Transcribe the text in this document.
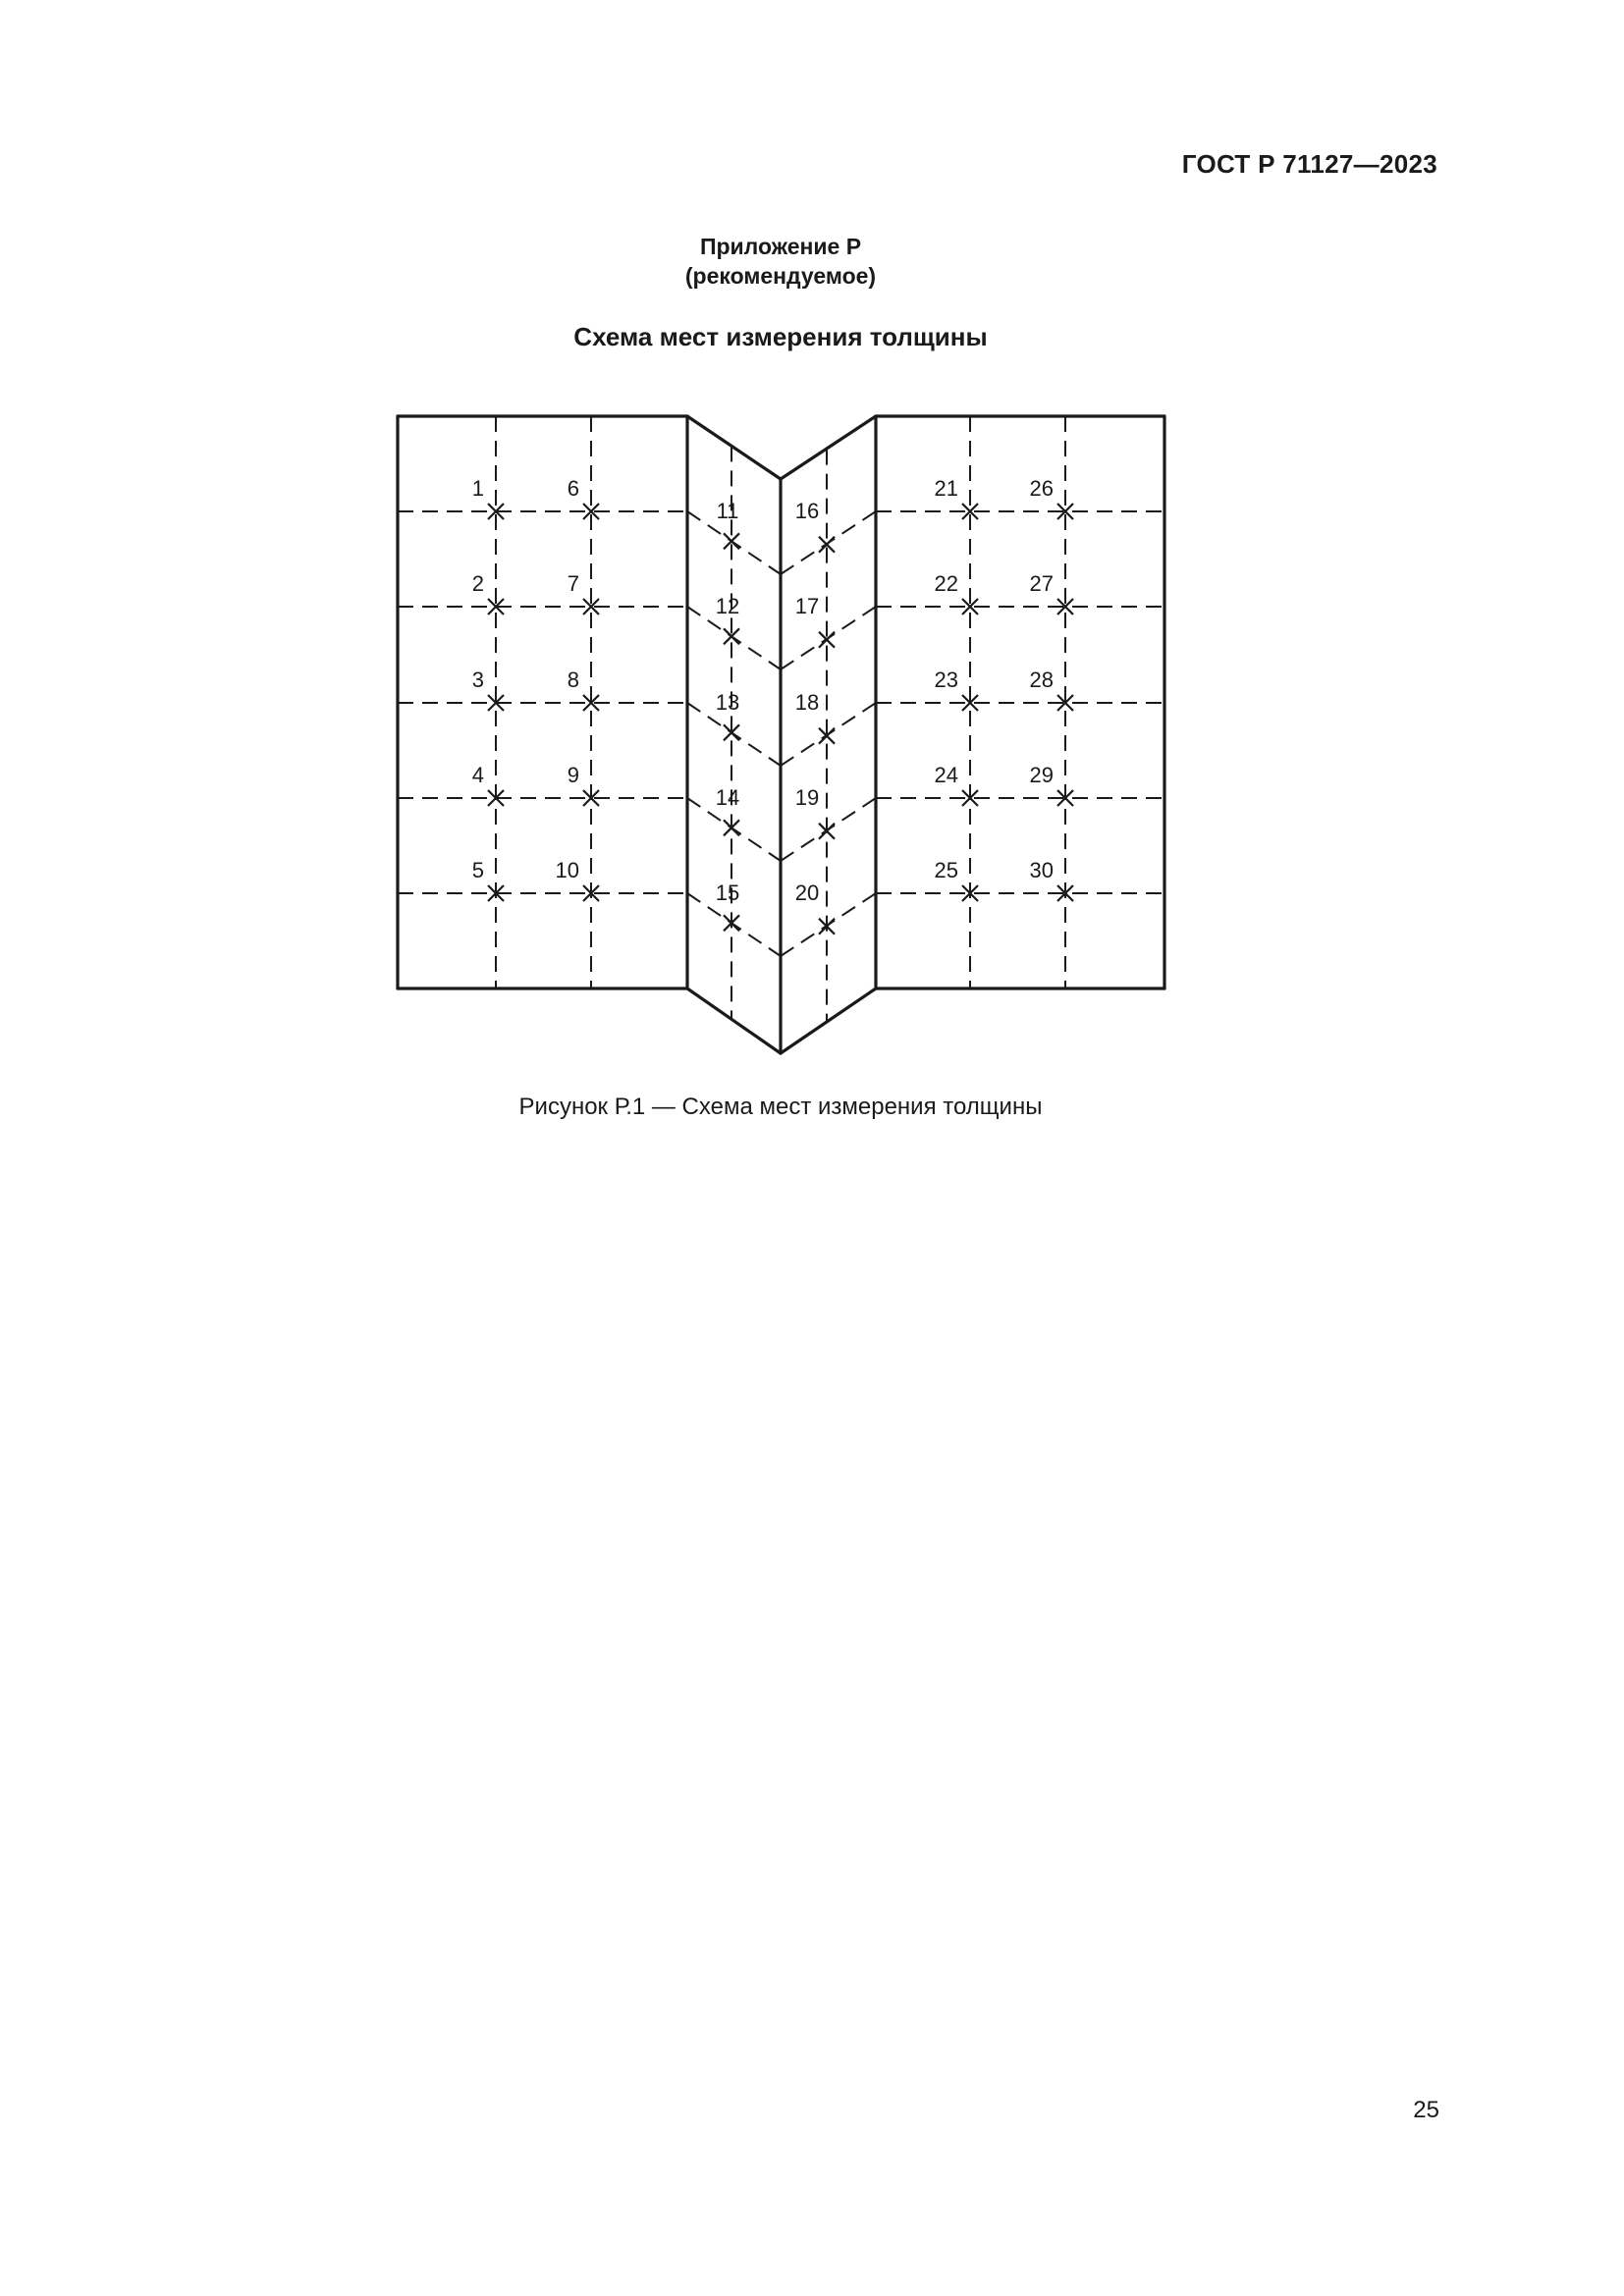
ГОСТ Р 71127—2023
Приложение Р
(рекомендуемое)
Схема мест измерения толщины
1	6
11	16
21	26
2	7
12	17
22	27
3	8
13	18
23	28
4	9
14	19
24	29
5	10
15	20
25	30
Рисунок Р.1 — Схема мест измерения толщины
25
